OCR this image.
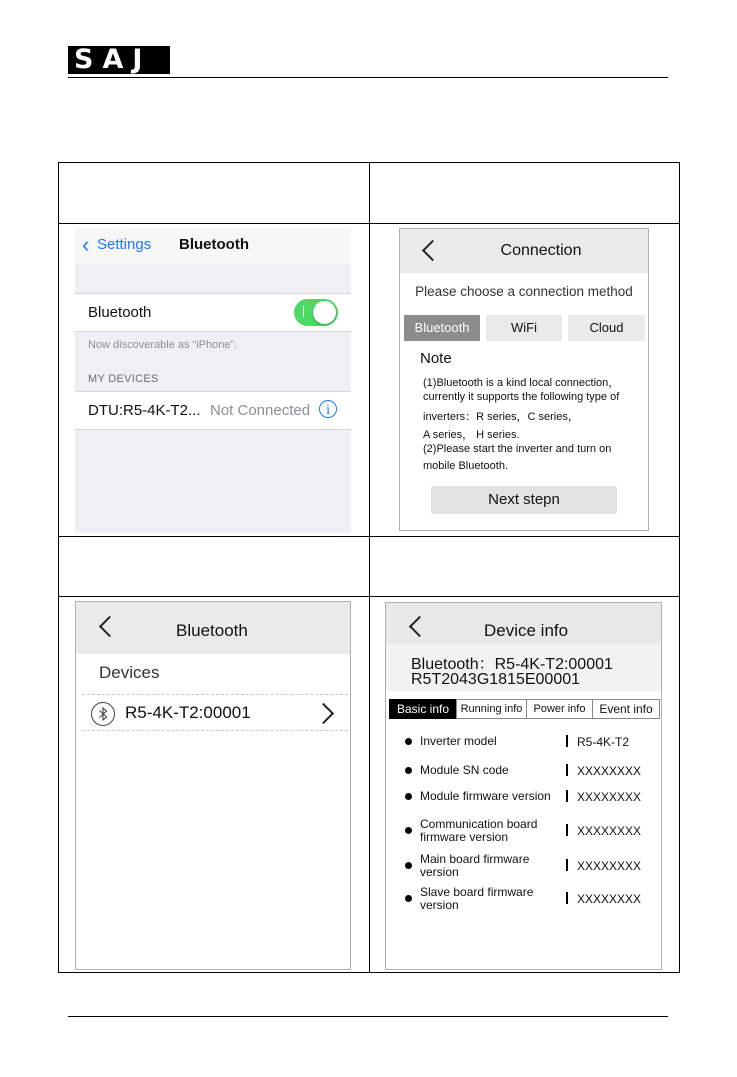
SAJ
‹ Settings Bluetooth
Bluetooth
Now discoverable as “iPhone”.
MY DEVICES
DTU:R5-4K-T2... Not Connected	i
Connection
Please choose a connection method
Bluetooth	WiFi	Cloud
Note
(1)Bluetooth is a kind local connection，
currently it supports the following type of
inverters：R series，C series，
A series， H series.
(2)Please start the inverter and turn on
mobile Bluetooth.
Next stepn
Bluetooth
Devices
R5-4K-T2:00001
Device info
Bluetooth：R5-4K-T2:00001
R5T2043G1815E00001
Basic info	Running info	Power info	Event info
Inverter model	R5-4K-T2
Module SN code	XXXXXXXX
Module firmware version XXXXXXXX
Communication board
firmware version	XXXXXXXX
Main board firmware
version	XXXXXXXX
Slave board firmware
version	XXXXXXXX
